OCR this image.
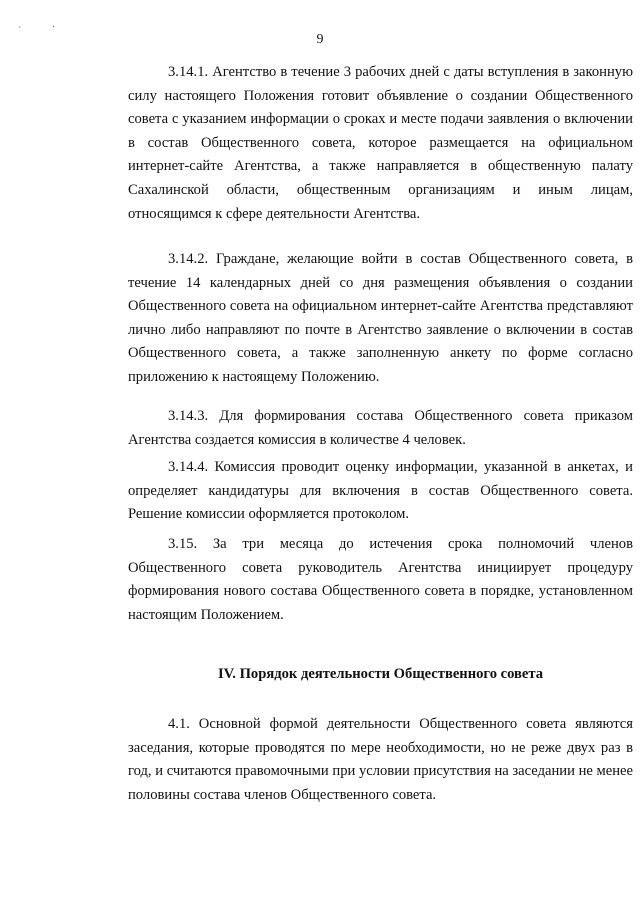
`	·
9

3.14.1. Агентство в течение 3 рабочих дней с даты вступления в законную силу настоящего Положения готовит объявление о создании Общественного совета с указанием информации о сроках и месте подачи заявления о включении в состав Общественного совета, которое размещается на официальном интернет-сайте Агентства, а также направляется в общественную палату Сахалинской области, общественным организациям и иным лицам, относящимся к сфере деятельности Агентства.

3.14.2. Граждане, желающие войти в состав Общественного совета, в течение 14 календарных дней со дня размещения объявления о создании Общественного совета на официальном интернет-сайте Агентства представляют лично либо направляют по почте в Агентство заявление о включении в состав Общественного совета, а также заполненную анкету по форме согласно приложению к настоящему Положению.

3.14.3. Для формирования состава Общественного совета приказом Агентства создается комиссия в количестве 4 человек.

3.14.4. Комиссия проводит оценку информации, указанной в анкетах, и определяет кандидатуры для включения в состав Общественного совета. Решение комиссии оформляется протоколом.

3.15. За три месяца до истечения срока полномочий членов Общественного совета руководитель Агентства инициирует процедуру формирования нового состава Общественного совета в порядке, установленном настоящим Положением.

IV. Порядок деятельности Общественного совета

4.1. Основной формой деятельности Общественного совета являются заседания, которые проводятся по мере необходимости, но не реже двух раз в год, и считаются правомочными при условии присутствия на заседании не менее половины состава членов Общественного совета.
